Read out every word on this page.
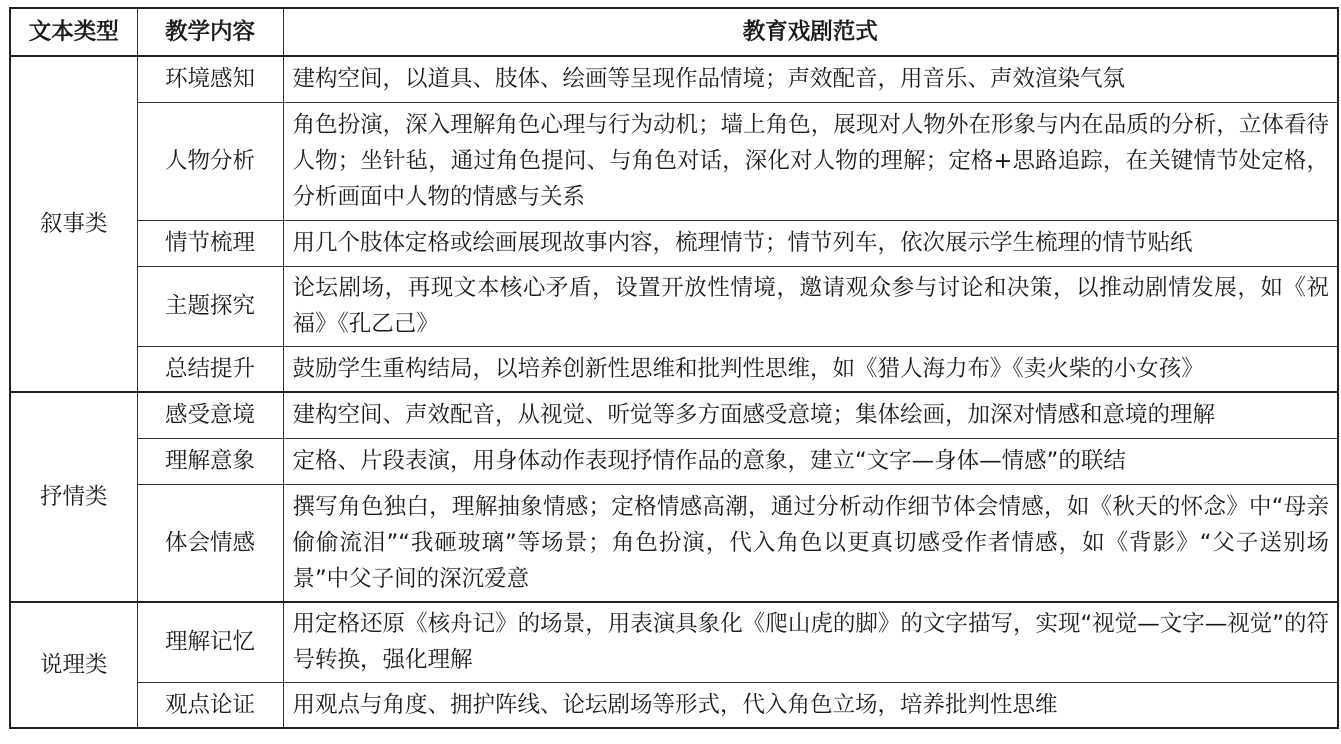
文本类型	教学内容	教育戏剧范式
叙事类	环境感知	建构空间，以道具、肢体、绘画等呈现作品情境；声效配音，用音乐、声效渲染气氛
	人物分析	角色扮演，深入理解角色心理与行为动机；墙上角色，展现对人物外在形象与内在品质的分析，立体看待人物；坐针毡，通过角色提问、与角色对话，深化对人物的理解；定格+思路追踪，在关键情节处定格，分析画面中人物的情感与关系
	情节梳理	用几个肢体定格或绘画展现故事内容，梳理情节；情节列车，依次展示学生梳理的情节贴纸
	主题探究	论坛剧场，再现文本核心矛盾，设置开放性情境，邀请观众参与讨论和决策，以推动剧情发展，如《祝福》《孔乙己》
	总结提升	鼓励学生重构结局，以培养创新性思维和批判性思维，如《猎人海力布》《卖火柴的小女孩》
抒情类	感受意境	建构空间、声效配音，从视觉、听觉等多方面感受意境；集体绘画，加深对情感和意境的理解
	理解意象	定格、片段表演，用身体动作表现抒情作品的意象，建立“文字—身体—情感”的联结
	体会情感	撰写角色独白，理解抽象情感；定格情感高潮，通过分析动作细节体会情感，如《秋天的怀念》中“母亲偷偷流泪”“我砸玻璃”等场景；角色扮演，代入角色以更真切感受作者情感，如《背影》“父子送别场景”中父子间的深沉爱意
说理类	理解记忆	用定格还原《核舟记》的场景，用表演具象化《爬山虎的脚》的文字描写，实现“视觉—文字—视觉”的符号转换，强化理解
	观点论证	用观点与角度、拥护阵线、论坛剧场等形式，代入角色立场，培养批判性思维
